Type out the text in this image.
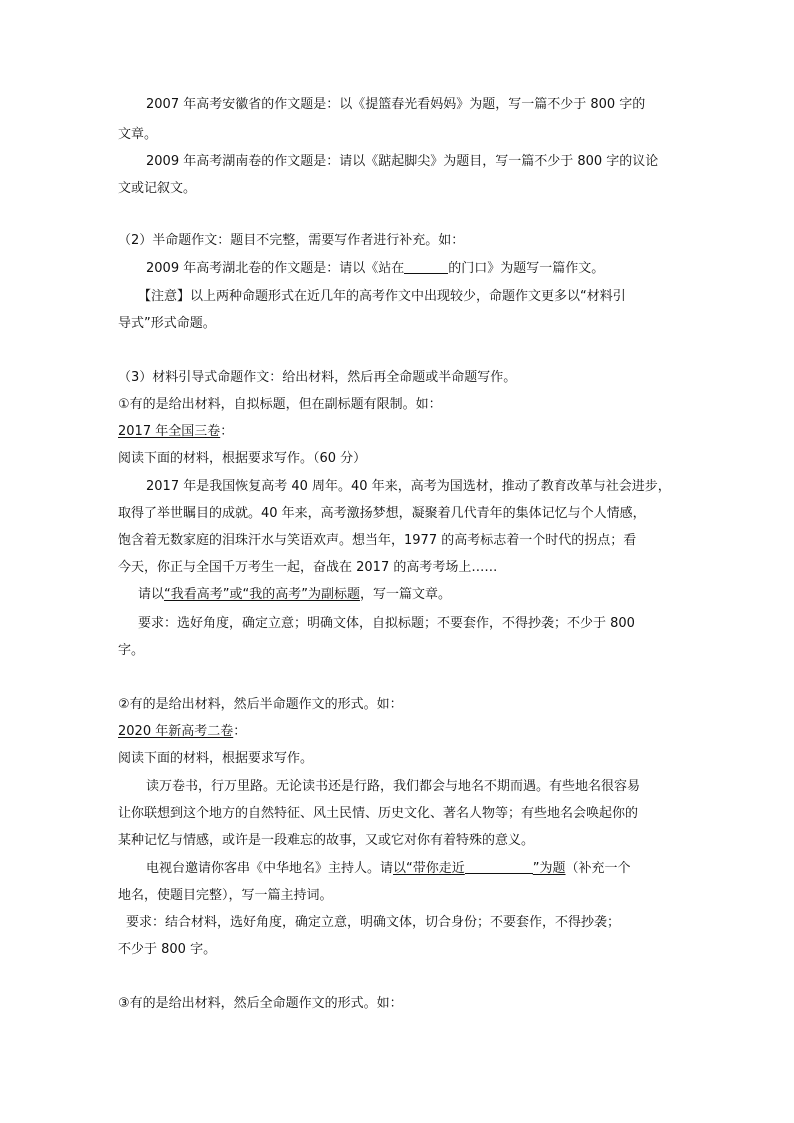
2007 年高考安徽省的作文题是：以《提篮春光看妈妈》为题，写一篇不少于 800 字的
文章。
2009 年高考湖南卷的作文题是：请以《踮起脚尖》为题目，写一篇不少于 800 字的议论
文或记叙文。
（2）半命题作文：题目不完整，需要写作者进行补充。如：
2009 年高考湖北卷的作文题是：请以《站在	的门口》为题写一篇作文。
【注意】以上两种命题形式在近几年的高考作文中出现较少，命题作文更多以“材料引
导式”形式命题。
（3）材料引导式命题作文：给出材料，然后再全命题或半命题写作。
①有的是给出材料，自拟标题，但在副标题有限制。如：
2017 年全国三卷：
阅读下面的材料，根据要求写作。（60 分）
2017 年是我国恢复高考 40 周年。40 年来，高考为国选材，推动了教育改革与社会进步，
取得了举世瞩目的成就。40 年来，高考激扬梦想，凝聚着几代青年的集体记忆与个人情感，
饱含着无数家庭的泪珠汗水与笑语欢声。想当年，1977 的高考标志着一个时代的拐点；看
今天，你正与全国千万考生一起，奋战在 2017 的高考考场上……
请以“我看高考”或“我的高考”为副标题，写一篇文章。
要求：选好角度，确定立意；明确文体，自拟标题；不要套作，不得抄袭；不少于 800
字。
②有的是给出材料，然后半命题作文的形式。如：
2020 年新高考二卷：
阅读下面的材料，根据要求写作。
读万卷书，行万里路。无论读书还是行路，我们都会与地名不期而遇。有些地名很容易
让你联想到这个地方的自然特征、风土民情、历史文化、著名人物等；有些地名会唤起你的
某种记忆与情感，或许是一段难忘的故事，又或它对你有着特殊的意义。
电视台邀请你客串《中华地名》主持人。请以“带你走近	”为题（补充一个
地名，使题目完整），写一篇主持词。
要求：结合材料，选好角度，确定立意，明确文体，切合身份；不要套作，不得抄袭；
不少于 800 字。
③有的是给出材料，然后全命题作文的形式。如：
